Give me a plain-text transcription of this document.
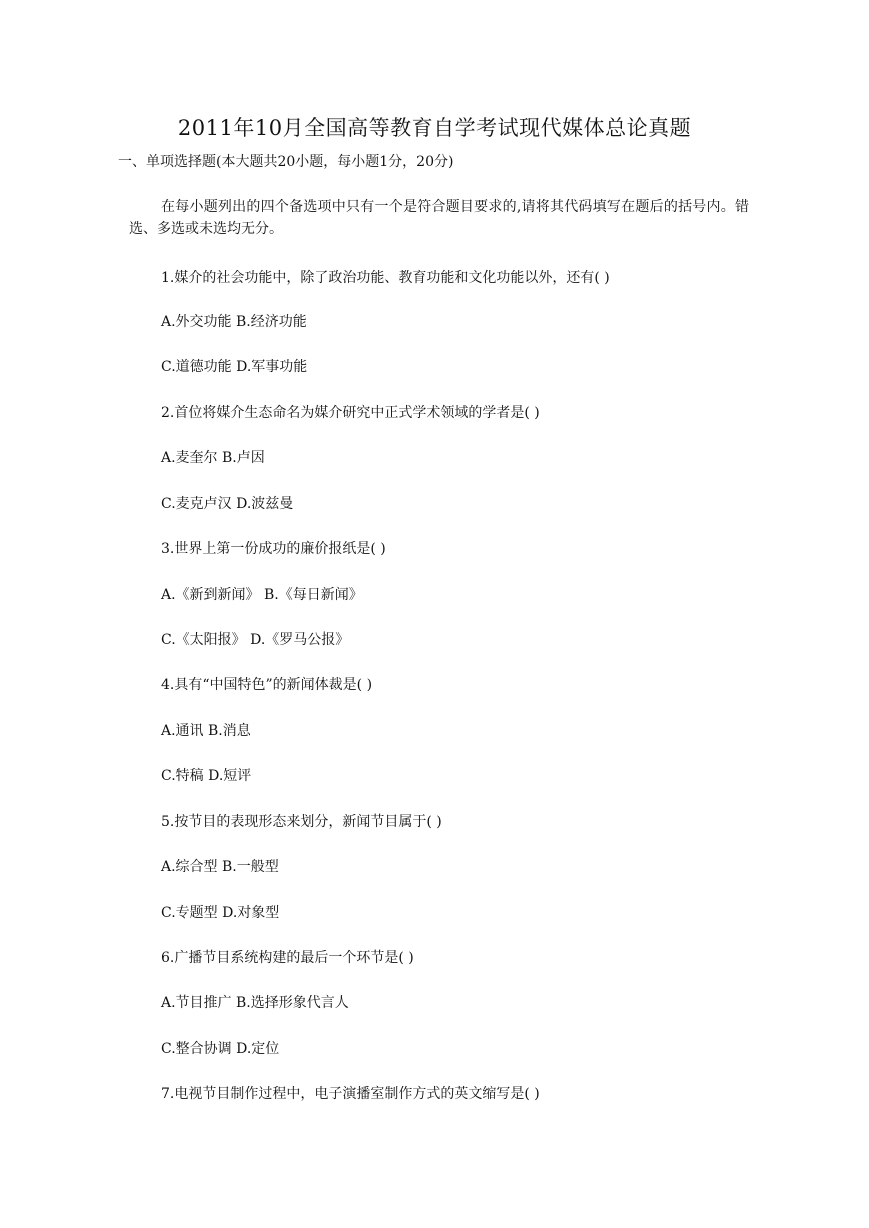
2011年10月全国高等教育自学考试现代媒体总论真题
一、单项选择题(本大题共20小题，每小题1分，20分)
在每小题列出的四个备选项中只有一个是符合题目要求的,请将其代码填写在题后的括号内。错选、多选或未选均无分。
1.媒介的社会功能中，除了政治功能、教育功能和文化功能以外，还有( )
A.外交功能 B.经济功能
C.道德功能 D.军事功能
2.首位将媒介生态命名为媒介研究中正式学术领域的学者是( )
A.麦奎尔 B.卢因
C.麦克卢汉 D.波兹曼
3.世界上第一份成功的廉价报纸是( )
A.《新到新闻》 B.《每日新闻》
C.《太阳报》 D.《罗马公报》
4.具有“中国特色”的新闻体裁是( )
A.通讯 B.消息
C.特稿 D.短评
5.按节目的表现形态来划分，新闻节目属于( )
A.综合型 B.一般型
C.专题型 D.对象型
6.广播节目系统构建的最后一个环节是( )
A.节目推广 B.选择形象代言人
C.整合协调 D.定位
7.电视节目制作过程中，电子演播室制作方式的英文缩写是( )
